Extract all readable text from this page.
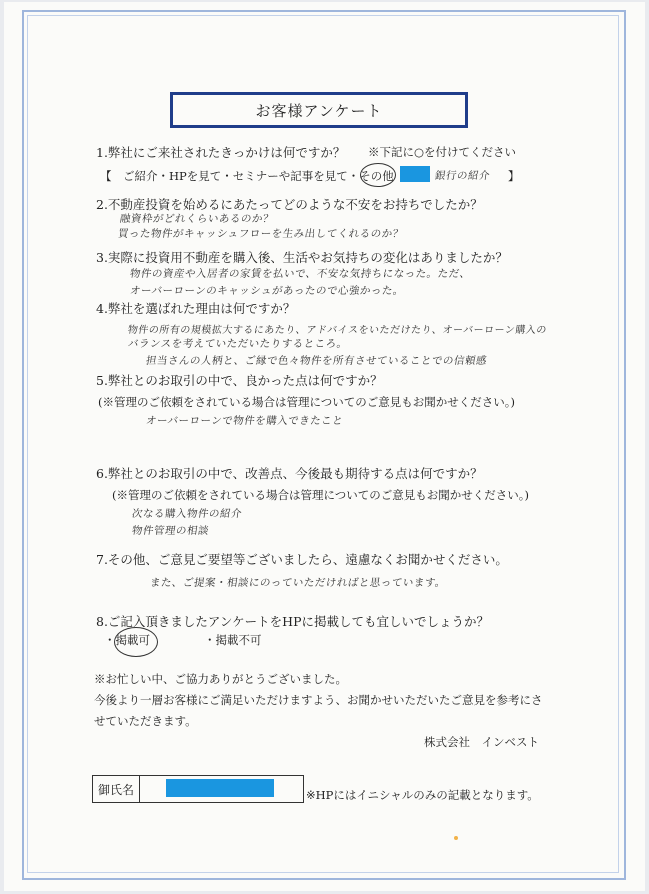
お客様アンケート
1.弊社にご来社されたきっかけは何ですか？ ※下記に○を付けてください
【　ご紹介・HPを見て・セミナーや記事を見て・その他	銀行の紹介 】
2.不動産投資を始めるにあたってどのような不安をお持ちでしたか？
融資枠がどれくらいあるのか？
買った物件がキャッシュフローを生み出してくれるのか？
3.実際に投資用不動産を購入後、生活やお気持ちの変化はありましたか？
物件の資産や入居者の家賃を払いで、不安な気持ちになった。ただ、
オーバーローンのキャッシュがあったので心強かった。
4.弊社を選ばれた理由は何ですか？
物件の所有の規模拡大するにあたり、アドバイスをいただけたり、オーバーローン購入の
バランスを考えていただいたりするところ。
担当さんの人柄と、ご縁で色々物件を所有させていることでの信頼感
5.弊社とのお取引の中で、良かった点は何ですか？
(※管理のご依頼をされている場合は管理についてのご意見もお聞かせください。)
オーバーローンで物件を購入できたこと
6.弊社とのお取引の中で、改善点、今後最も期待する点は何ですか？
(※管理のご依頼をされている場合は管理についてのご意見もお聞かせください。)
次なる購入物件の紹介
物件管理の相談
7.その他、ご意見ご要望等ございましたら、遠慮なくお聞かせください。
また、ご提案・相談にのっていただければと思っています。
8.ご記入頂きましたアンケートをHPに掲載しても宜しいでしょうか？
・掲載可	・掲載不可
※お忙しい中、ご協力ありがとうございました。
今後より一層お客様にご満足いただけますよう、お聞かせいただいたご意見を参考にさ
せていただきます。
株式会社　インベスト
御氏名	※HPにはイニシャルのみの記載となります。
